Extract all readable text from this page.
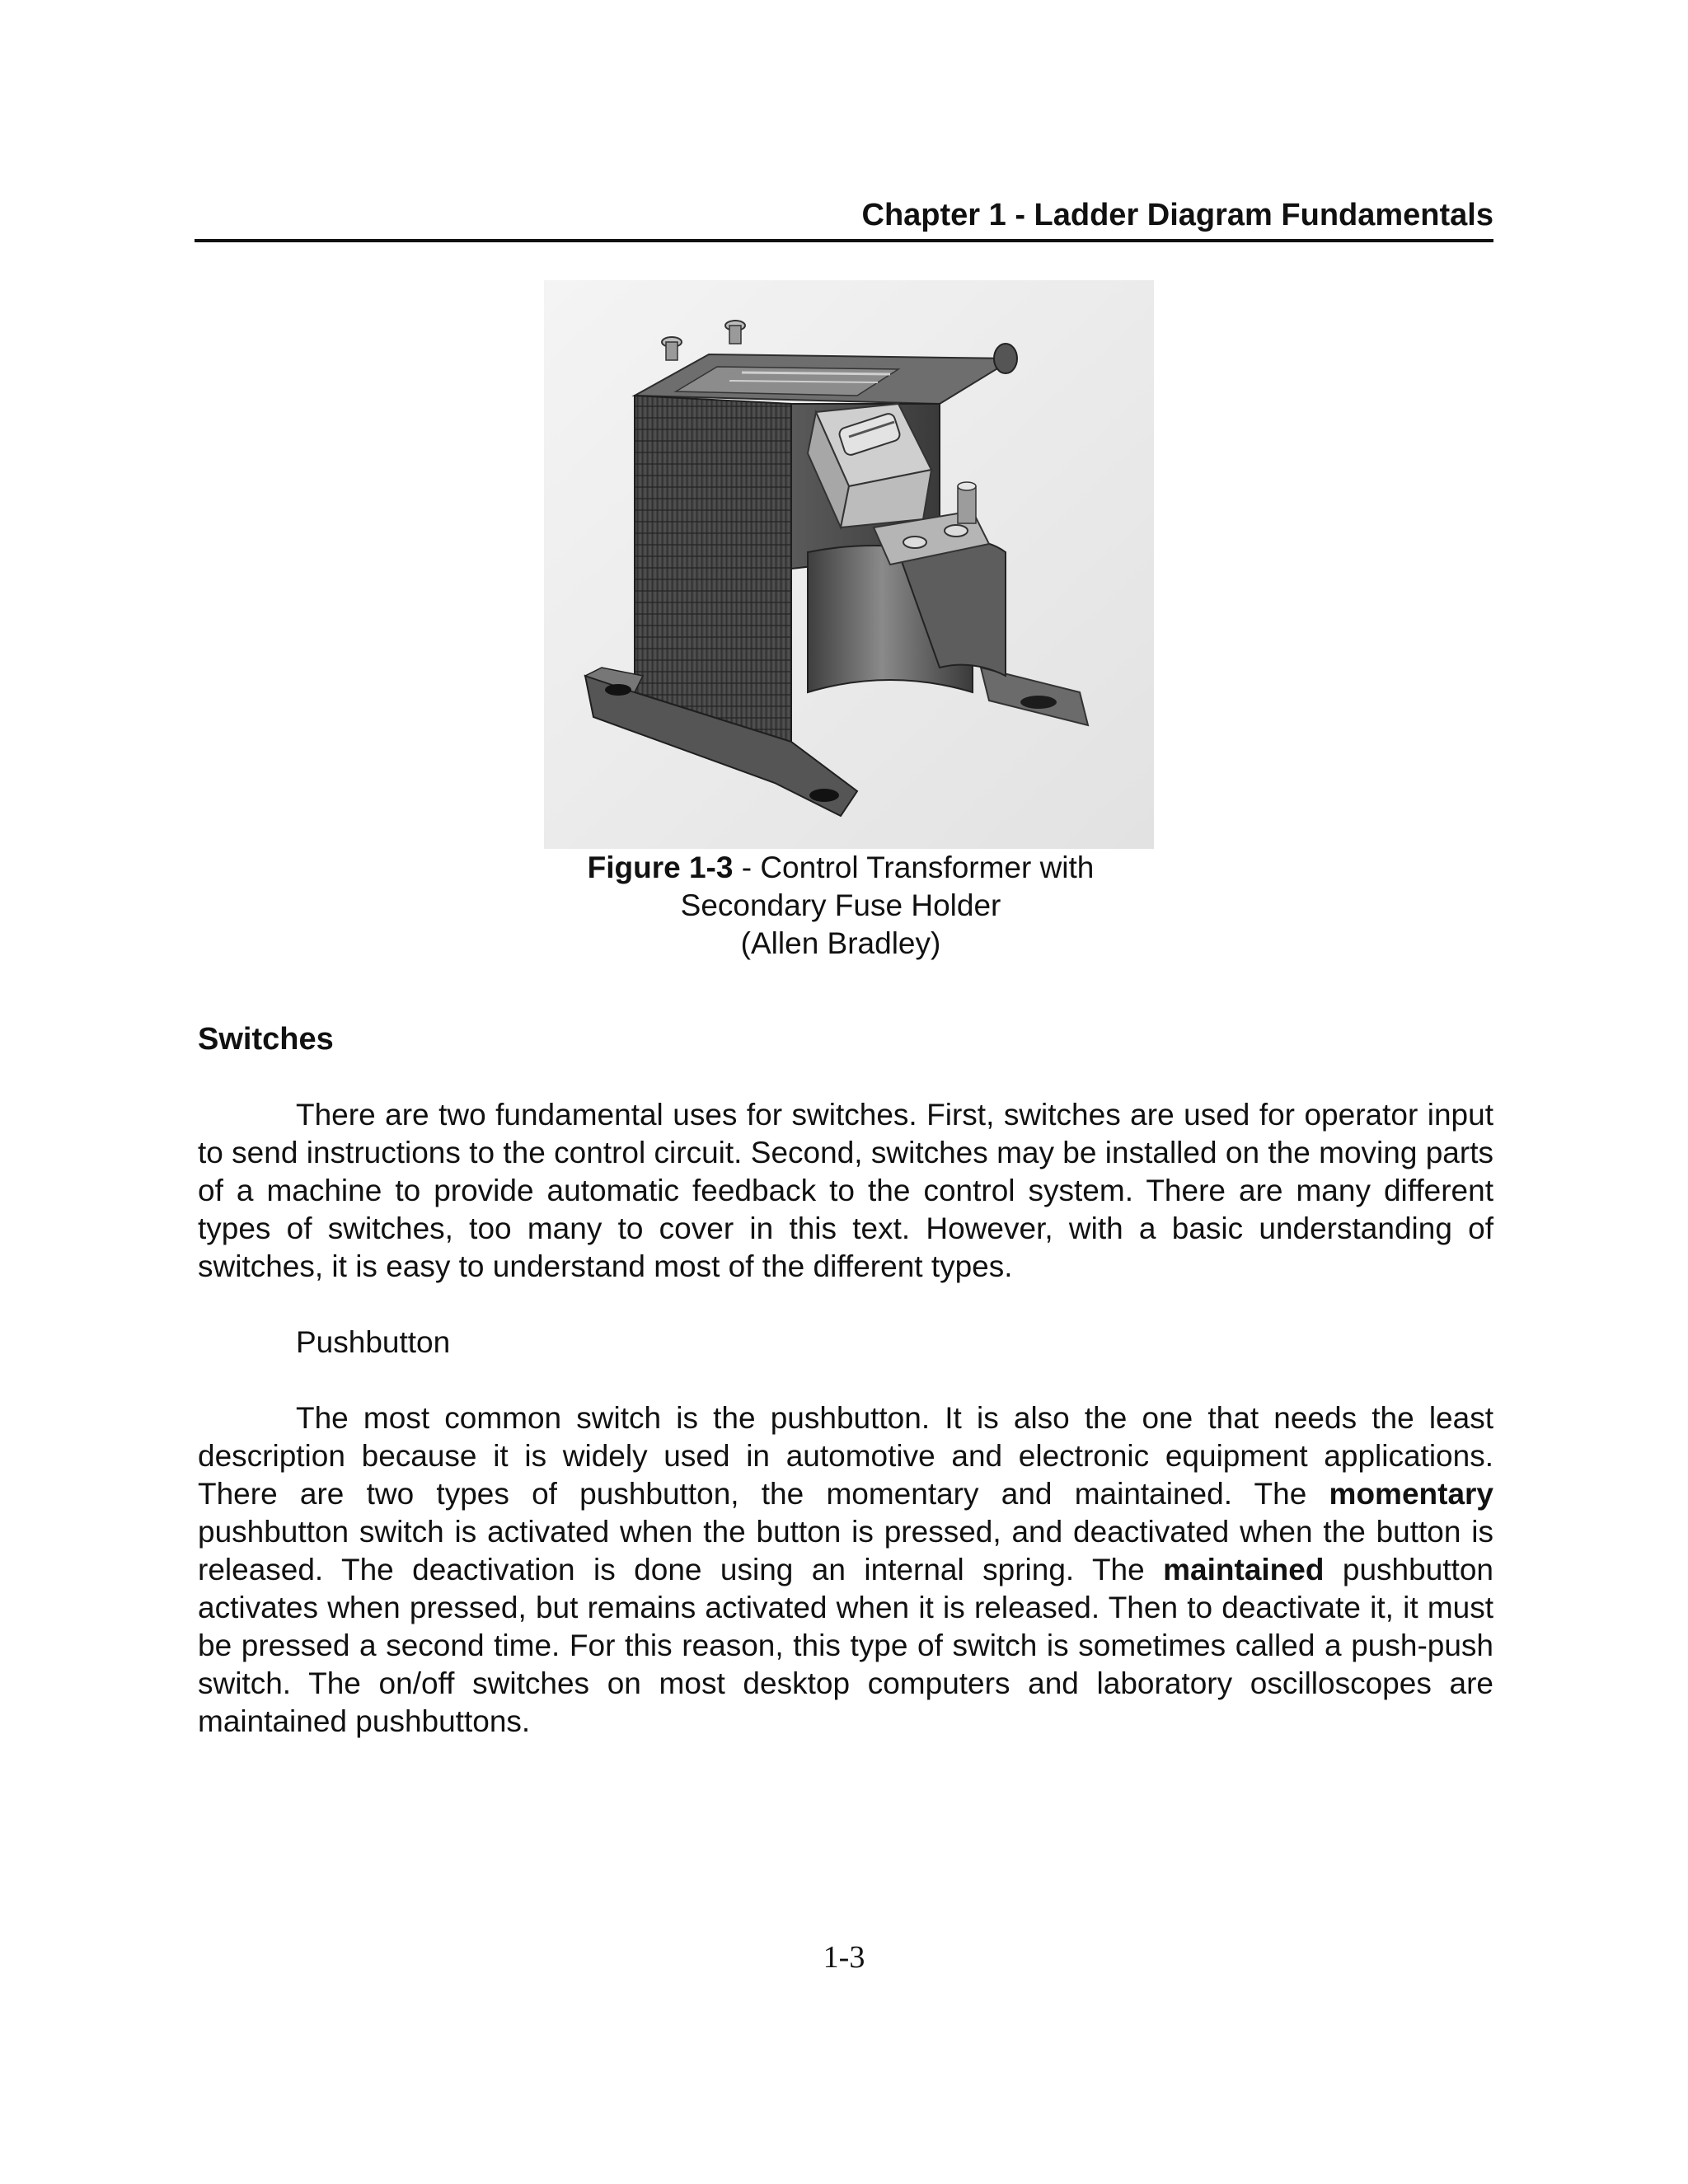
Chapter 1 - Ladder Diagram Fundamentals
Figure 1-3 - Control Transformer with
Secondary Fuse Holder
(Allen Bradley)
Switches
There are two fundamental uses for switches. First, switches are used for operator input to send instructions to the control circuit. Second, switches may be installed on the moving parts of a machine to provide automatic feedback to the control system. There are many different types of switches, too many to cover in this text. However, with a basic understanding of switches, it is easy to understand most of the different types.
Pushbutton
The most common switch is the pushbutton. It is also the one that needs the least description because it is widely used in automotive and electronic equipment applications. There are two types of pushbutton, the momentary and maintained. The momentary pushbutton switch is activated when the button is pressed, and deactivated when the button is released. The deactivation is done using an internal spring. The maintained pushbutton activates when pressed, but remains activated when it is released. Then to deactivate it, it must be pressed a second time. For this reason, this type of switch is sometimes called a push-push switch. The on/off switches on most desktop computers and laboratory oscilloscopes are maintained pushbuttons.
1-3
